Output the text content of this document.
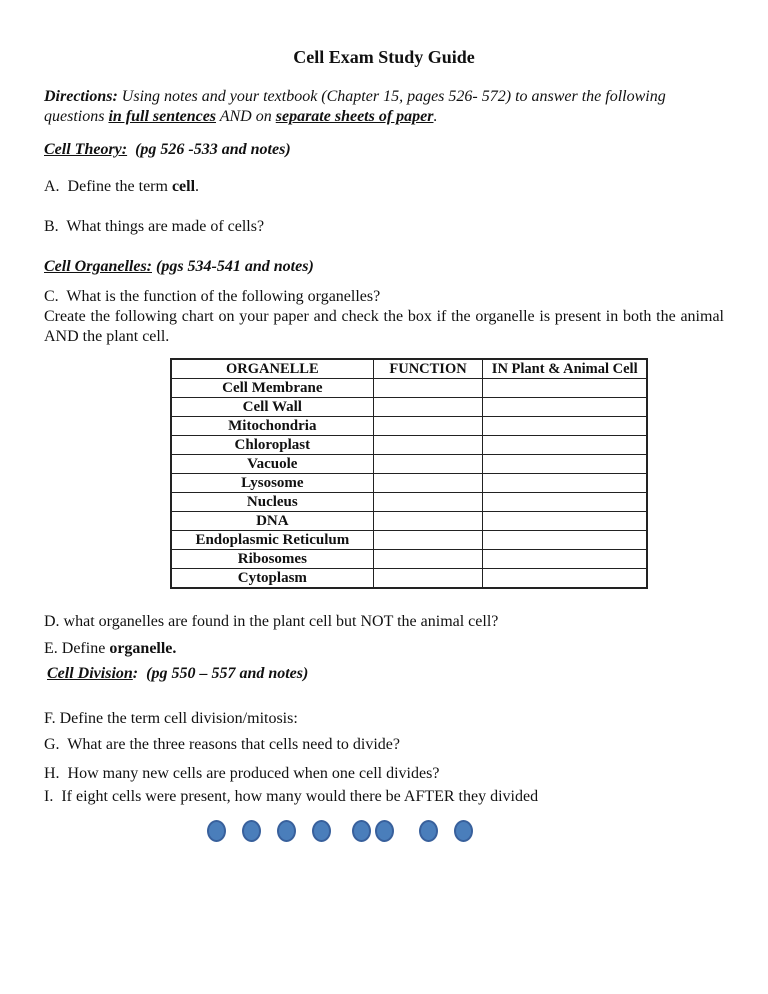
Cell Exam Study Guide

Directions: Using notes and your textbook (Chapter 15, pages 526- 572) to answer the following questions in full sentences AND on separate sheets of paper.

Cell Theory:  (pg 526 -533 and notes)

A.  Define the term cell.

B.  What things are made of cells?

Cell Organelles: (pgs 534-541 and notes)

C.  What is the function of the following organelles?

Create the following chart on your paper and check the box if the organelle is present in both the animal AND the plant cell.

ORGANELLE	FUNCTION	IN Plant & Animal Cell
Cell Membrane		
Cell Wall		
Mitochondria		
Chloroplast		
Vacuole		
Lysosome		
Nucleus		
DNA		
Endoplasmic Reticulum		
Ribosomes		
Cytoplasm		

D. what organelles are found in the plant cell but NOT the animal cell?

E. Define organelle.

Cell Division:  (pg 550 – 557 and notes)

F. Define the term cell division/mitosis:

G.  What are the three reasons that cells need to divide?

H.  How many new cells are produced when one cell divides?

I.  If eight cells were present, how many would there be AFTER they divided
